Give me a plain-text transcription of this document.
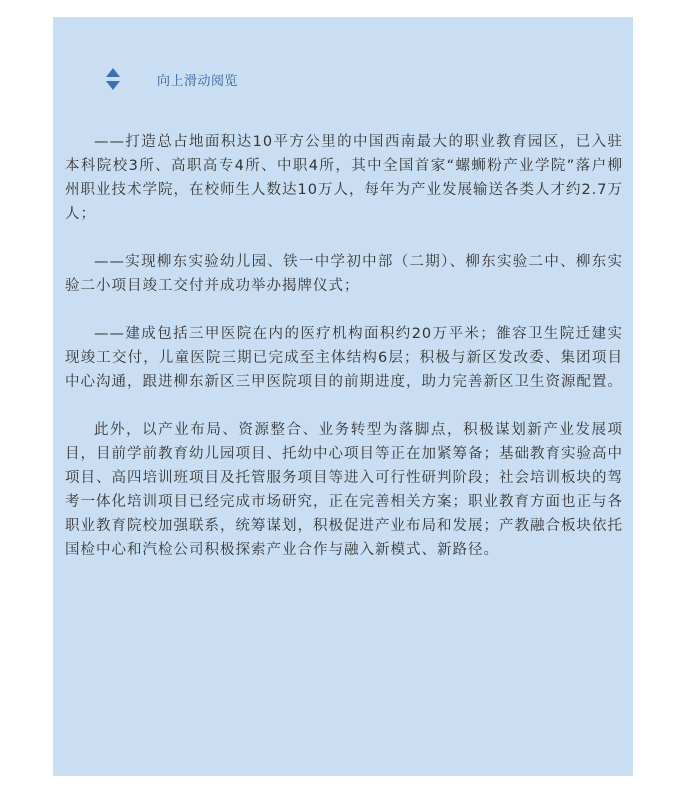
向上滑动阅览

——打造总占地面积达10平方公里的中国西南最大的职业教育园区，已入驻本科院校3所、高职高专4所、中职4所，其中全国首家“螺蛳粉产业学院”落户柳州职业技术学院，在校师生人数达10万人，每年为产业发展输送各类人才约2.7万人；

——实现柳东实验幼儿园、铁一中学初中部（二期）、柳东实验二中、柳东实验二小项目竣工交付并成功举办揭牌仪式；

——建成包括三甲医院在内的医疗机构面积约20万平米；雒容卫生院迁建实现竣工交付，儿童医院三期已完成至主体结构6层；积极与新区发改委、集团项目中心沟通，跟进柳东新区三甲医院项目的前期进度，助力完善新区卫生资源配置。

此外，以产业布局、资源整合、业务转型为落脚点，积极谋划新产业发展项目，目前学前教育幼儿园项目、托幼中心项目等正在加紧筹备；基础教育实验高中项目、高四培训班项目及托管服务项目等进入可行性研判阶段；社会培训板块的驾考一体化培训项目已经完成市场研究，正在完善相关方案；职业教育方面也正与各职业教育院校加强联系，统筹谋划，积极促进产业布局和发展；产教融合板块依托国检中心和汽检公司积极探索产业合作与融入新模式、新路径。
